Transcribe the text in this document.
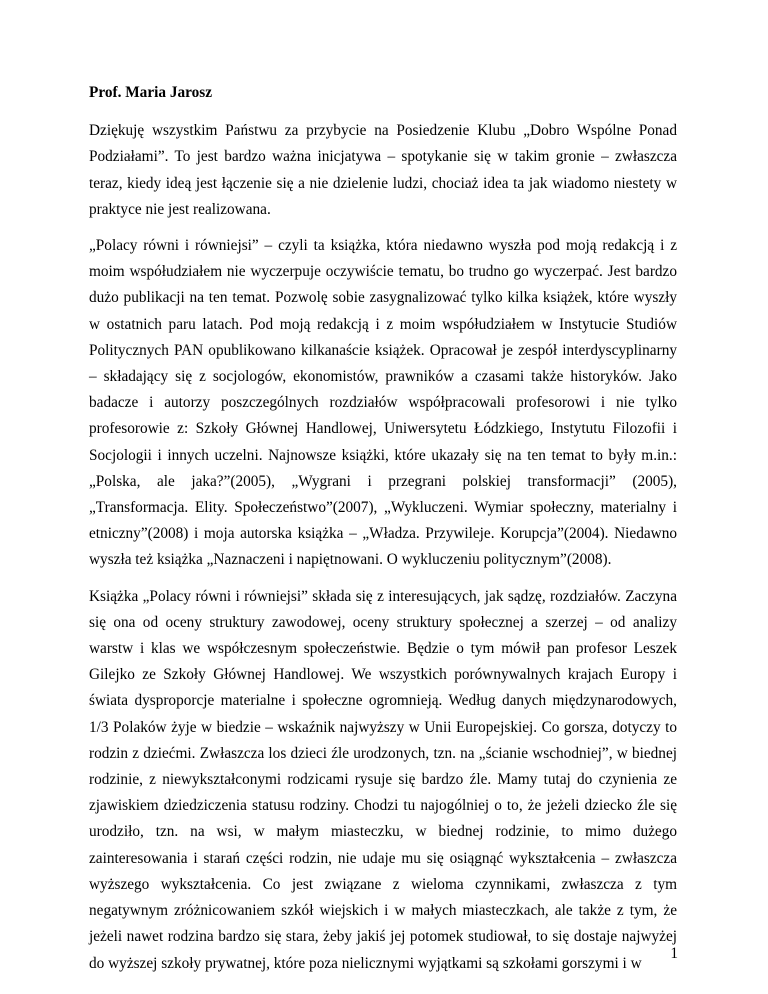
Prof. Maria Jarosz

Dziękuję wszystkim Państwu za przybycie na Posiedzenie Klubu „Dobro Wspólne Ponad Podziałami”. To jest bardzo ważna inicjatywa – spotykanie się w takim gronie – zwłaszcza teraz, kiedy ideą jest łączenie się a nie dzielenie ludzi, chociaż idea ta jak wiadomo niestety w praktyce nie jest realizowana.

„Polacy równi i równiejsi” – czyli ta książka, która niedawno wyszła pod moją redakcją i z moim współudziałem nie wyczerpuje oczywiście tematu, bo trudno go wyczerpać. Jest bardzo dużo publikacji na ten temat. Pozwolę sobie zasygnalizować tylko kilka książek, które wyszły w ostatnich paru latach. Pod moją redakcją i z moim współudziałem w Instytucie Studiów Politycznych PAN opublikowano kilkanaście książek. Opracował je zespół interdyscyplinarny – składający się z socjologów, ekonomistów, prawników a czasami także historyków. Jako badacze i autorzy poszczególnych rozdziałów współpracowali profesorowi i nie tylko profesorowie z: Szkoły Głównej Handlowej, Uniwersytetu Łódzkiego, Instytutu Filozofii i Socjologii i innych uczelni. Najnowsze książki, które ukazały się na ten temat to były m.in.: „Polska, ale jaka?”(2005), „Wygrani i przegrani polskiej transformacji” (2005), „Transformacja. Elity. Społeczeństwo”(2007), „Wykluczeni. Wymiar społeczny, materialny i etniczny”(2008) i moja autorska książka – „Władza. Przywileje. Korupcja”(2004). Niedawno wyszła też książka „Naznaczeni i napiętnowani. O wykluczeniu politycznym”(2008).

Książka „Polacy równi i równiejsi” składa się z interesujących, jak sądzę, rozdziałów. Zaczyna się ona od oceny struktury zawodowej, oceny struktury społecznej a szerzej – od analizy warstw i klas we współczesnym społeczeństwie. Będzie o tym mówił pan profesor Leszek Gilejko ze Szkoły Głównej Handlowej. We wszystkich porównywalnych krajach Europy i świata dysproporcje materialne i społeczne ogromnieją. Według danych międzynarodowych, 1/3 Polaków żyje w biedzie – wskaźnik najwyższy w Unii Europejskiej. Co gorsza, dotyczy to rodzin z dziećmi. Zwłaszcza los dzieci źle urodzonych, tzn. na „ścianie wschodniej”, w biednej rodzinie, z niewykształconymi rodzicami rysuje się bardzo źle. Mamy tutaj do czynienia ze zjawiskiem dziedziczenia statusu rodziny. Chodzi tu najogólniej o to, że jeżeli dziecko źle się urodziło, tzn. na wsi, w małym miasteczku, w biednej rodzinie, to mimo dużego zainteresowania i starań części rodzin, nie udaje mu się osiągnąć wykształcenia – zwłaszcza wyższego wykształcenia. Co jest związane z wieloma czynnikami, zwłaszcza z tym negatywnym zróżnicowaniem szkół wiejskich i w małych miasteczkach, ale także z tym, że jeżeli nawet rodzina bardzo się stara, żeby jakiś jej potomek studiował, to się dostaje najwyżej do wyższej szkoły prywatnej, które poza nielicznymi wyjątkami są szkołami gorszymi i w

1
